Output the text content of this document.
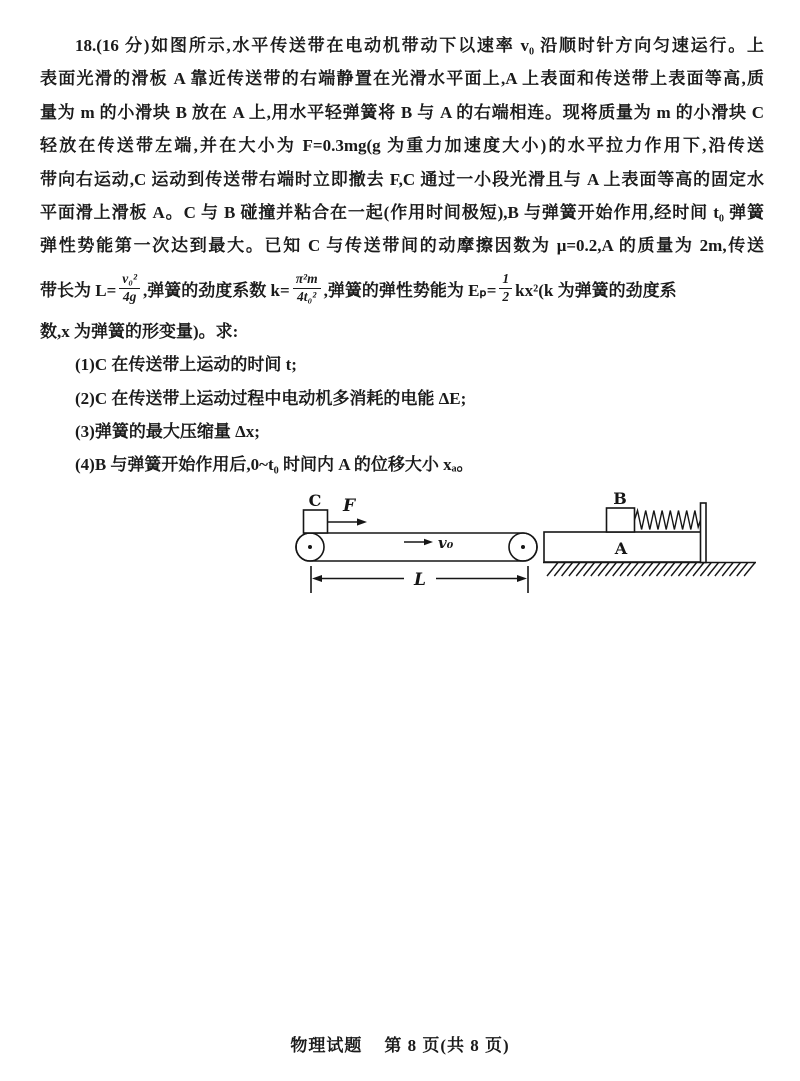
18.(16 分)如图所示,水平传送带在电动机带动下以速率 v₀ 沿顺时针方向匀速运行。上
表面光滑的滑板 A 靠近传送带的右端静置在光滑水平面上,A 上表面和传送带上表面等高,质
量为 m 的小滑块 B 放在 A 上,用水平轻弹簧将 B 与 A 的右端相连。现将质量为 m 的小滑块 C
轻放在传送带左端,并在大小为 F=0.3mg(g 为重力加速度大小)的水平拉力作用下,沿传送
带向右运动,C 运动到传送带右端时立即撤去 F,C 通过一小段光滑且与 A 上表面等高的固定水
平面滑上滑板 A。C 与 B 碰撞并粘合在一起(作用时间极短),B 与弹簧开始作用,经时间 t₀ 弹簧
弹性势能第一次达到最大。已知 C 与传送带间的动摩擦因数为 μ=0.2,A 的质量为 2m,传送
带长为 $L= \frac{\text{v₀²}}{4g}$ ,弹簧的劲度系数 $k= \frac{\text{π²m}}{\text{4t₀²}}$ ,弹簧的弹性势能为 $E_p= \frac{1}{2} kx^2(k$ 为弹簧的劲度系
数,x 为弹簧的形变量)。求:
(1)C 在传送带上运动的时间 t;
(2)C 在传送带上运动过程中电动机多消耗的电能 ΔE;
(3)弹簧的最大压缩量 Δx;
(4)B 与弹簧开始作用后,0~t₀ 时间内 A 的位移大小 xₐ。
C F
v₀
L
B
A
物理试题 第 8 页(共 8 页)
